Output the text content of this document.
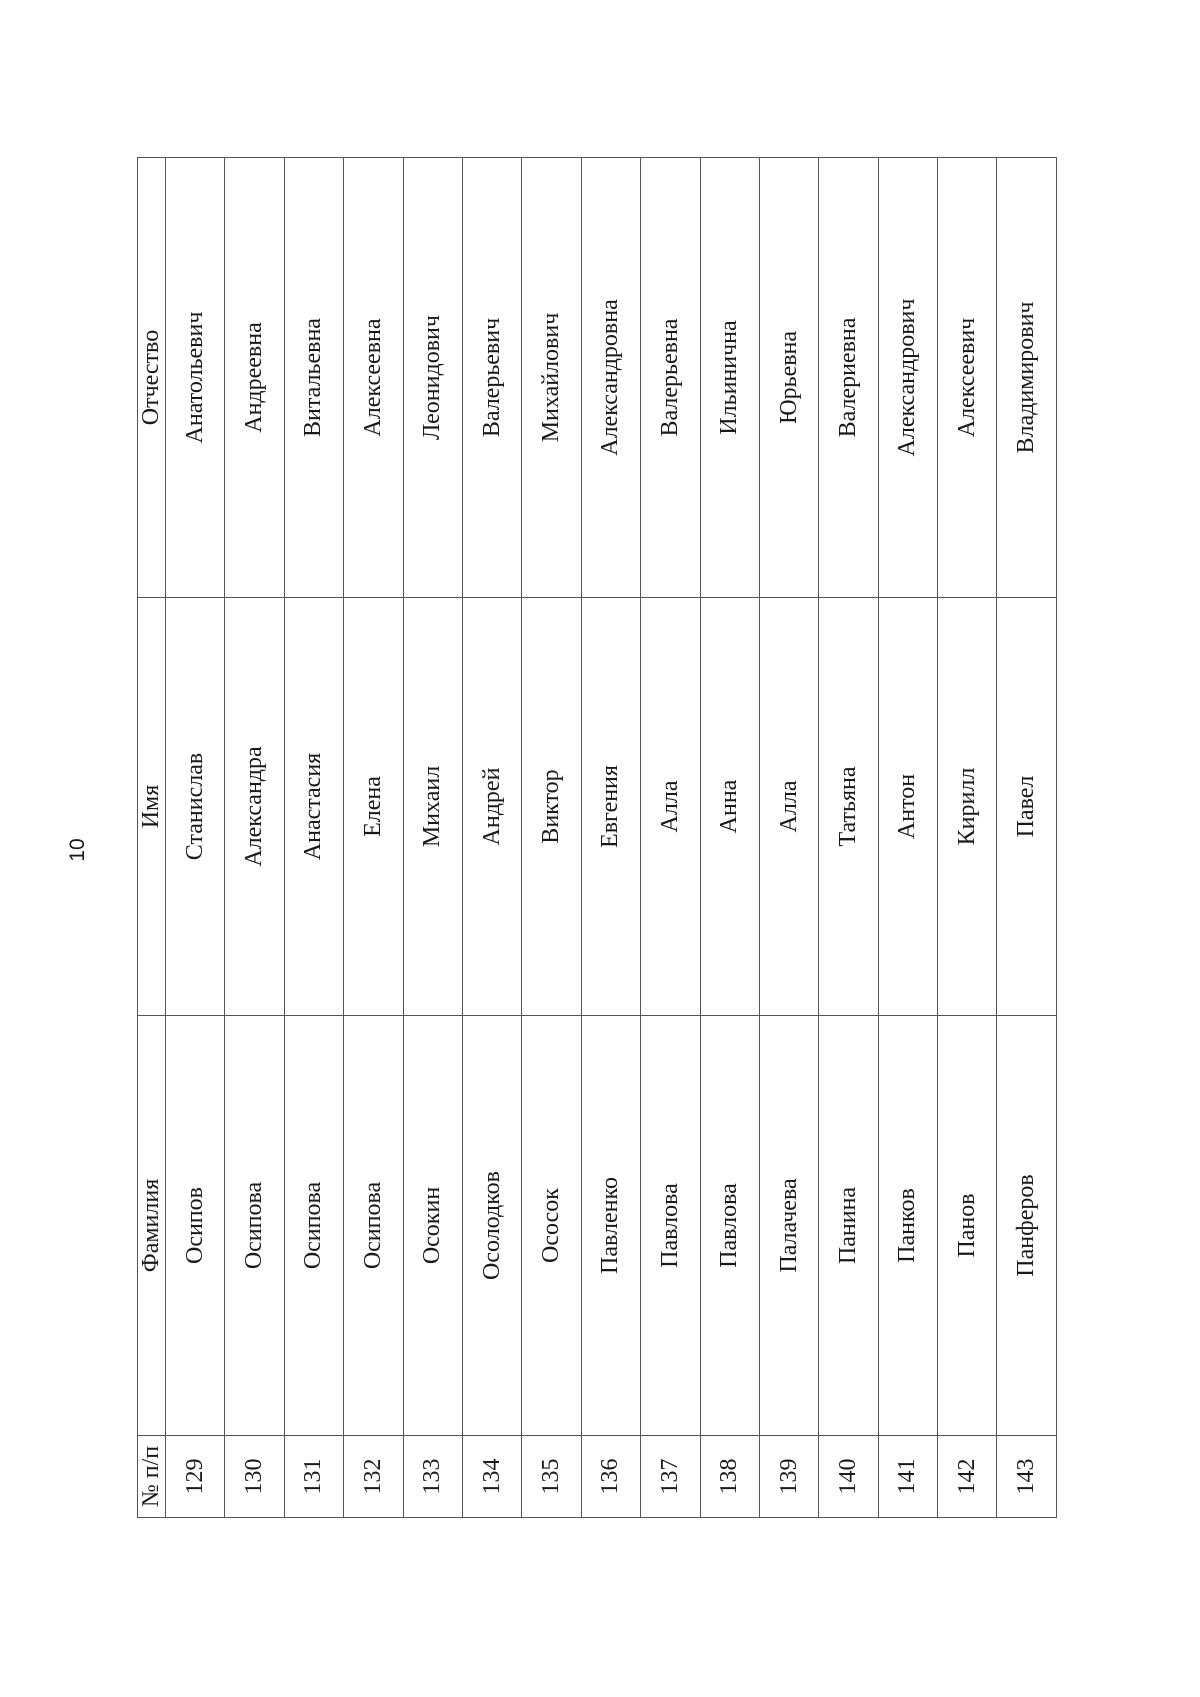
10
№ п/п	Фамилия	Имя	Отчество
129	Осипов	Станислав	Анатольевич
130	Осипова	Александра	Андреевна
131	Осипова	Анастасия	Витальевна
132	Осипова	Елена	Алексеевна
133	Осокин	Михаил	Леонидович
134	Осолодков	Андрей	Валерьевич
135	Ососок	Виктор	Михайлович
136	Павленко	Евгения	Александровна
137	Павлова	Алла	Валерьевна
138	Павлова	Анна	Ильинична
139	Палачева	Алла	Юрьевна
140	Панина	Татьяна	Валериевна
141	Панков	Антон	Александрович
142	Панов	Кирилл	Алексеевич
143	Панферов	Павел	Владимирович
